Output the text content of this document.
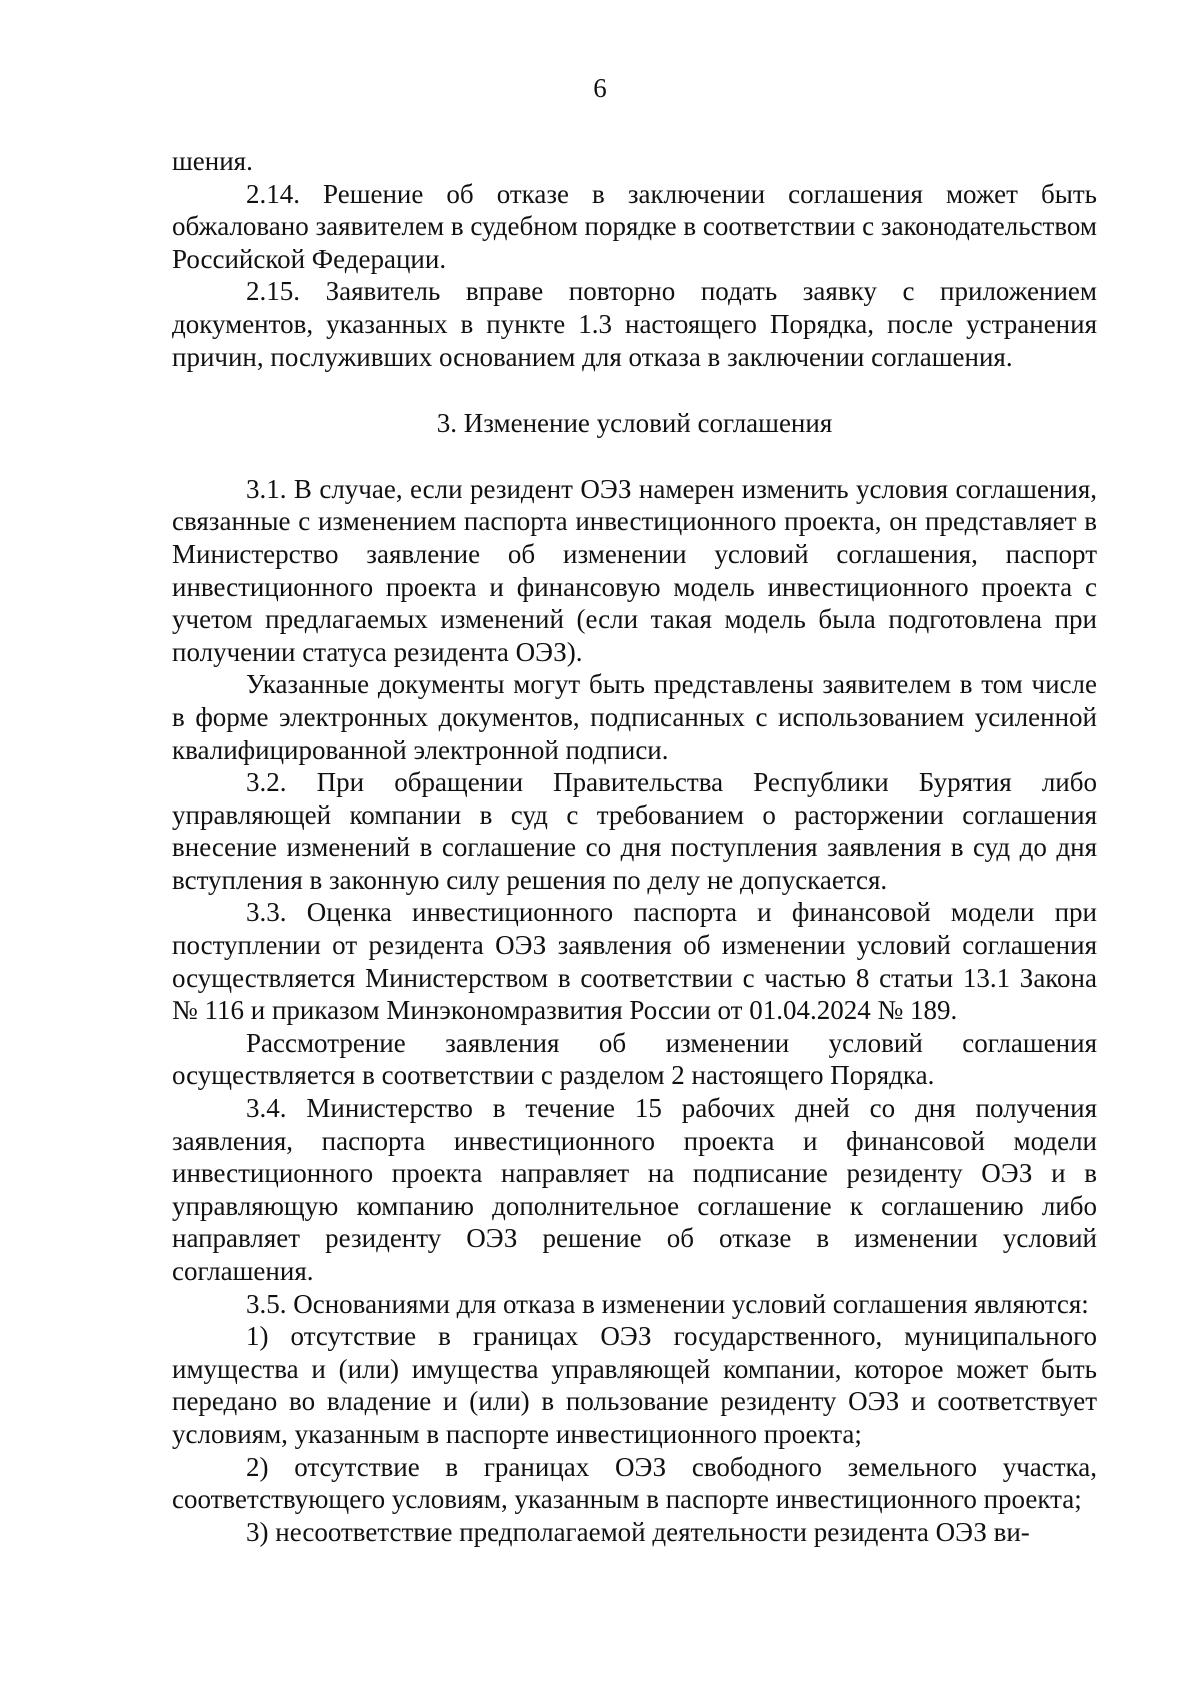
6

шения.

2.14. Решение об отказе в заключении соглашения может быть обжаловано заявителем в судебном порядке в соответствии с законодательством Российской Федерации.

2.15. Заявитель вправе повторно подать заявку с приложением документов, указанных в пункте 1.3 настоящего Порядка, после устранения причин, послуживших основанием для отказа в заключении соглашения.

3. Изменение условий соглашения

3.1. В случае, если резидент ОЭЗ намерен изменить условия соглашения, связанные с изменением паспорта инвестиционного проекта, он представляет в Министерство заявление об изменении условий соглашения, паспорт инвестиционного проекта и финансовую модель инвестиционного проекта с учетом предлагаемых изменений (если такая модель была подготовлена при получении статуса резидента ОЭЗ).

Указанные документы могут быть представлены заявителем в том числе в форме электронных документов, подписанных с использованием усиленной квалифицированной электронной подписи.

3.2. При обращении Правительства Республики Бурятия либо управляющей компании в суд с требованием о расторжении соглашения внесение изменений в соглашение со дня поступления заявления в суд до дня вступления в законную силу решения по делу не допускается.

3.3. Оценка инвестиционного паспорта и финансовой модели при поступлении от резидента ОЭЗ заявления об изменении условий соглашения осуществляется Министерством в соответствии с частью 8 статьи 13.1 Закона № 116 и приказом Минэкономразвития России от 01.04.2024 № 189.

Рассмотрение заявления об изменении условий соглашения осуществляется в соответствии с разделом 2 настоящего Порядка.

3.4. Министерство в течение 15 рабочих дней со дня получения заявления, паспорта инвестиционного проекта и финансовой модели инвестиционного проекта направляет на подписание резиденту ОЭЗ и в управляющую компанию дополнительное соглашение к соглашению либо направляет резиденту ОЭЗ решение об отказе в изменении условий соглашения.

3.5. Основаниями для отказа в изменении условий соглашения являются:

1) отсутствие в границах ОЭЗ государственного, муниципального имущества и (или) имущества управляющей компании, которое может быть передано во владение и (или) в пользование резиденту ОЭЗ и соответствует условиям, указанным в паспорте инвестиционного проекта;

2) отсутствие в границах ОЭЗ свободного земельного участка, соответствующего условиям, указанным в паспорте инвестиционного проекта;

3) несоответствие предполагаемой деятельности резидента ОЭЗ ви-
